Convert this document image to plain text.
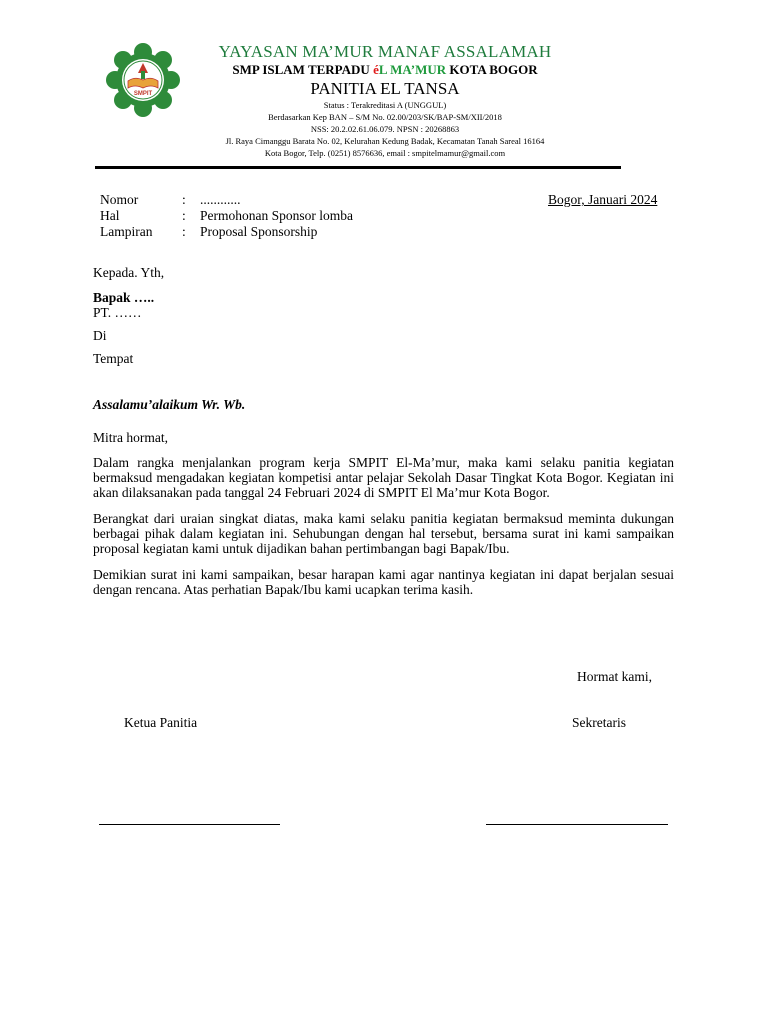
SMPIT
YAYASAN MA’MUR MANAF ASSALAMAH
SMP ISLAM TERPADU éL MA’MUR KOTA BOGOR
PANITIA EL TANSA
Status : Terakreditasi A (UNGGUL)
Berdasarkan Kep BAN – S/M No. 02.00/203/SK/BAP-SM/XII/2018
NSS: 20.2.02.61.06.079. NPSN : 20268863
Jl. Raya Cimanggu Barata No. 02, Kelurahan Kedung Badak, Kecamatan Tanah Sareal 16164
Kota Bogor, Telp. (0251) 8576636, email : smpitelmamur@gmail.com
Nomor	: ............	Bogor, Januari 2024
Hal	: Permohonan Sponsor lomba
Lampiran : Proposal Sponsorship
Kepada. Yth,
Bapak …..
PT. ……
Di
Tempat
Assalamu’alaikum Wr. Wb.
Mitra hormat,
Dalam rangka menjalankan program kerja SMPIT El-Ma’mur, maka kami selaku panitia kegiatan bermaksud mengadakan kegiatan kompetisi antar pelajar Sekolah Dasar Tingkat Kota Bogor. Kegiatan ini akan dilaksanakan pada tanggal 24 Februari 2024 di SMPIT El Ma’mur Kota Bogor.
Berangkat dari uraian singkat diatas, maka kami selaku panitia kegiatan bermaksud meminta dukungan berbagai pihak dalam kegiatan ini. Sehubungan dengan hal tersebut, bersama surat ini kami sampaikan proposal kegiatan kami untuk dijadikan bahan pertimbangan bagi Bapak/Ibu.
Demikian surat ini kami sampaikan, besar harapan kami agar nantinya kegiatan ini dapat berjalan sesuai dengan rencana. Atas perhatian Bapak/Ibu kami ucapkan terima kasih.
Hormat kami,
Ketua Panitia	Sekretaris
